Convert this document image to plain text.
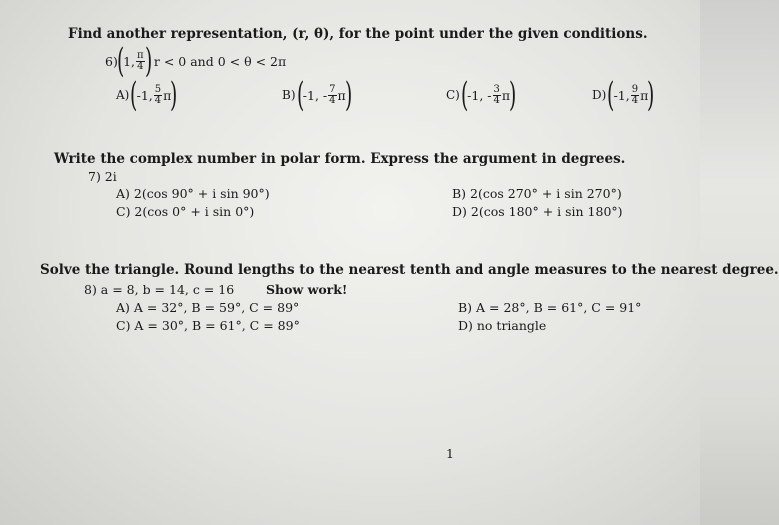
Find another representation, (r, θ), for the point under the given conditions.
6)
(
1, $\frac{\pi}{4}$ ) r < 0 and 0 < θ < 2π
A) (
-1, $\frac{5}{4}$ π
)	B) (
-1, - $\frac{7}{4}$ π
)	C) (
-1, - $\frac{3}{4}$ π
)	D) (
-1, $\frac{9}{4}$ π
)
Write the complex number in polar form. Express the argument in degrees.
7) 2i
A) 2(cos 90° + i sin 90°)	B) 2(cos 270° + i sin 270°)
C) 2(cos 0° + i sin 0°)	D) 2(cos 180° + i sin 180°)
Solve the triangle. Round lengths to the nearest tenth and angle measures to the nearest degree.
8) a = 8, b = 14, c = 16	Show work!
A) A = 32°, B = 59°, C = 89°	B) A = 28°, B = 61°, C = 91°
C) A = 30°, B = 61°, C = 89°	D) no triangle
1
